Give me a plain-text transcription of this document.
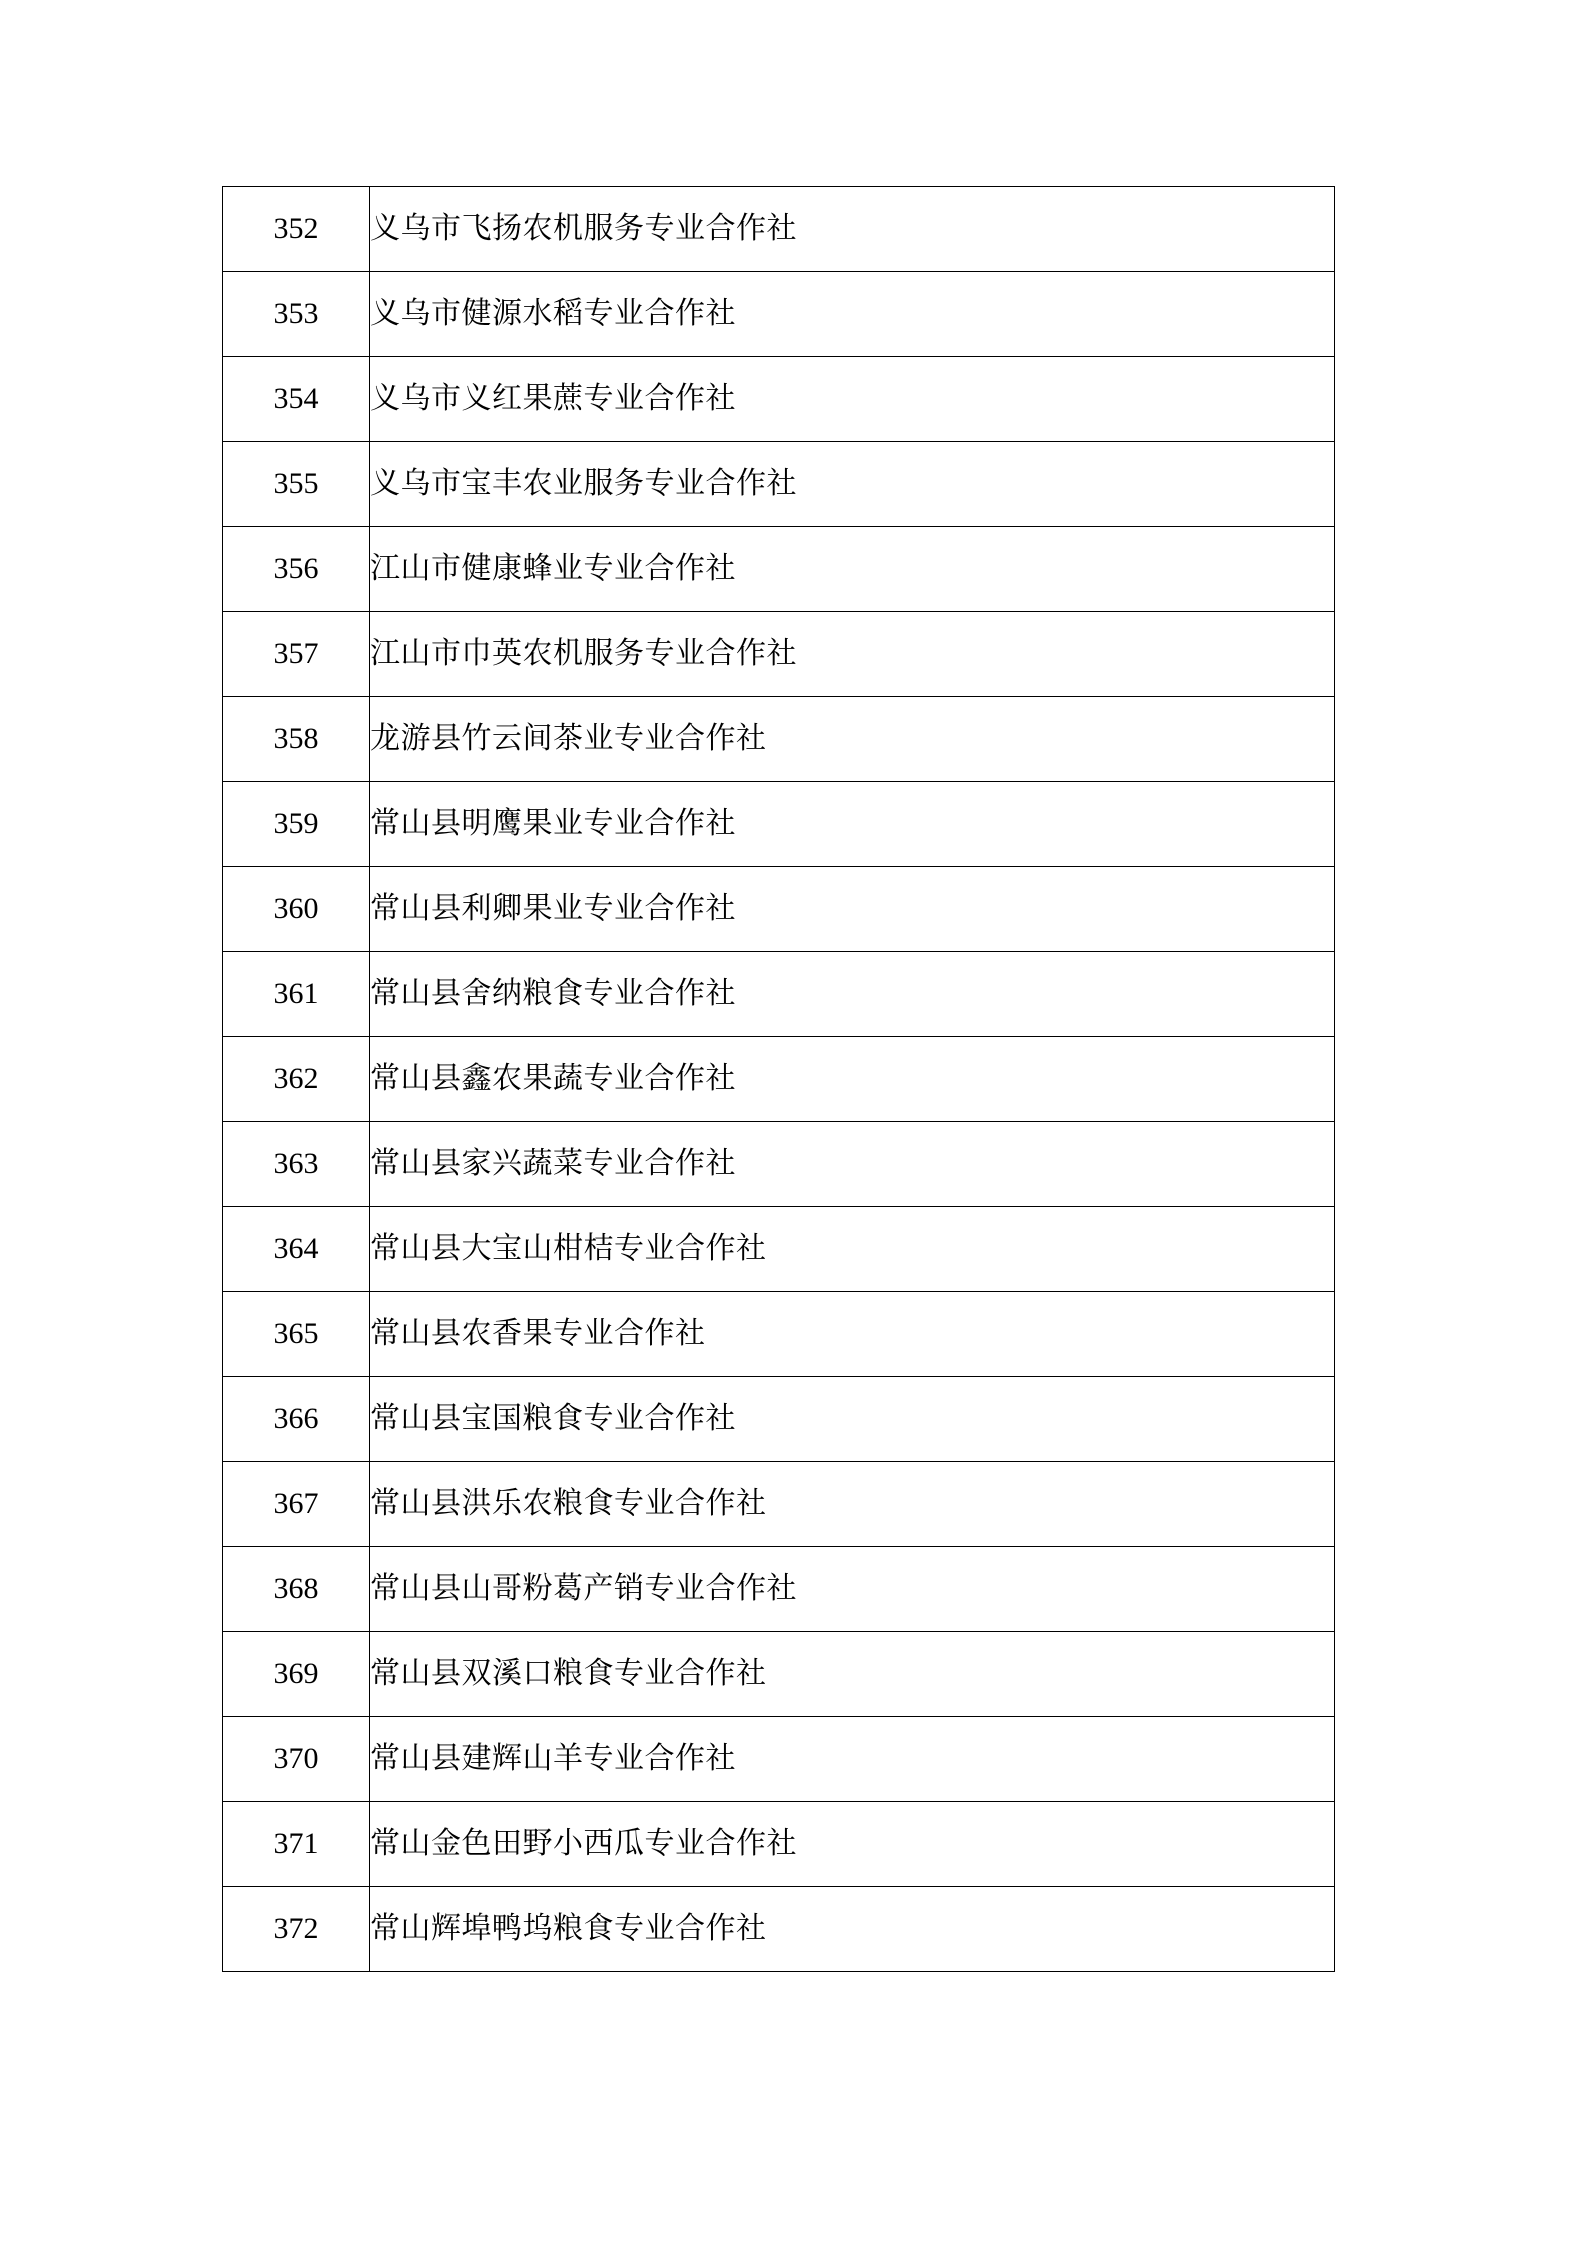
352	义乌市飞扬农机服务专业合作社
353	义乌市健源水稻专业合作社
354	义乌市义红果蔗专业合作社
355	义乌市宝丰农业服务专业合作社
356	江山市健康蜂业专业合作社
357	江山市巾英农机服务专业合作社
358	龙游县竹云间茶业专业合作社
359	常山县明鹰果业专业合作社
360	常山县利卿果业专业合作社
361	常山县舍纳粮食专业合作社
362	常山县鑫农果蔬专业合作社
363	常山县家兴蔬菜专业合作社
364	常山县大宝山柑桔专业合作社
365	常山县农香果专业合作社
366	常山县宝国粮食专业合作社
367	常山县洪乐农粮食专业合作社
368	常山县山哥粉葛产销专业合作社
369	常山县双溪口粮食专业合作社
370	常山县建辉山羊专业合作社
371	常山金色田野小西瓜专业合作社
372	常山辉埠鸭坞粮食专业合作社
